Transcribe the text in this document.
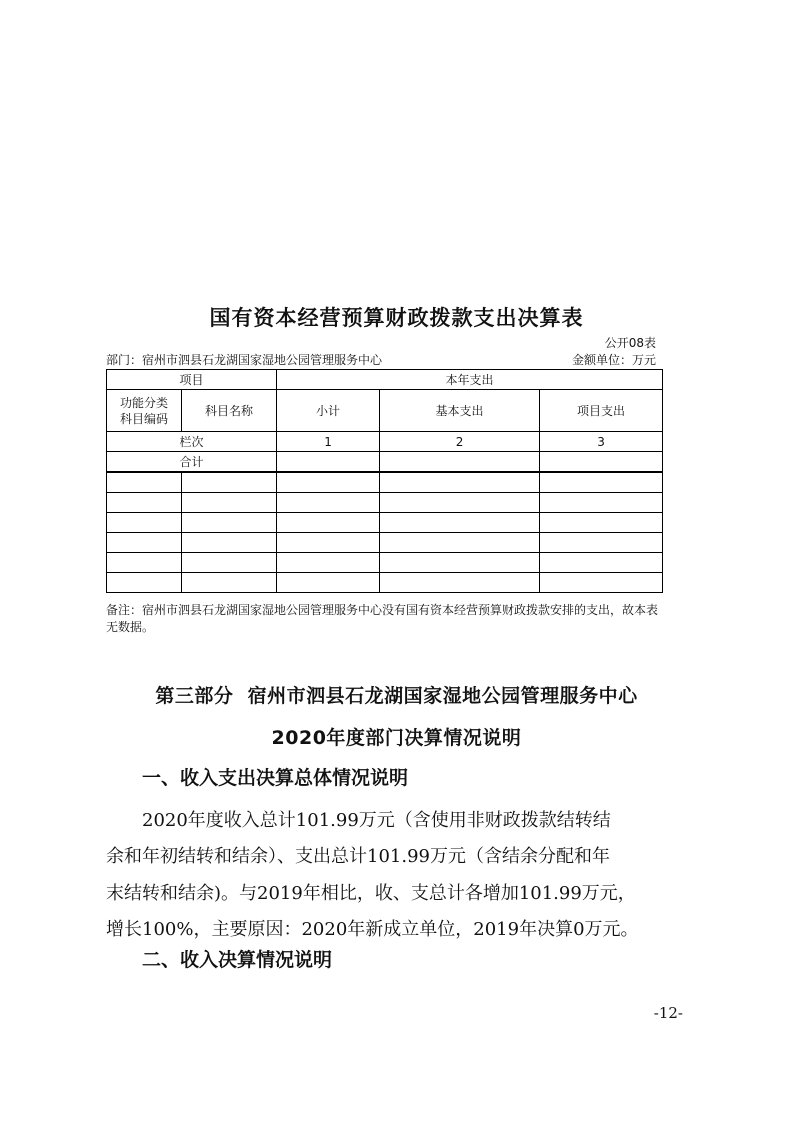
国有资本经营预算财政拨款支出决算表
公开08表
部门：宿州市泗县石龙湖国家湿地公园管理服务中心	金额单位：万元
项目		本年支出		
功能分类
科目编码	科目名称	小计	基本支出	项目支出
栏次		1	2	3
合计				

备注：宿州市泗县石龙湖国家湿地公园管理服务中心没有国有资本经营预算财政拨款安排的支出，故本表无数据。
第三部分  宿州市泗县石龙湖国家湿地公园管理服务中心
2020年度部门决算情况说明
一、收入支出决算总体情况说明
2020年度收入总计101.99万元（含使用非财政拨款结转结
余和年初结转和结余）、支出总计101.99万元（含结余分配和年
末结转和结余)。与2019年相比，收、支总计各增加101.99万元，
增长100%，主要原因：2020年新成立单位，2019年决算0万元。
二、收入决算情况说明
-12-
